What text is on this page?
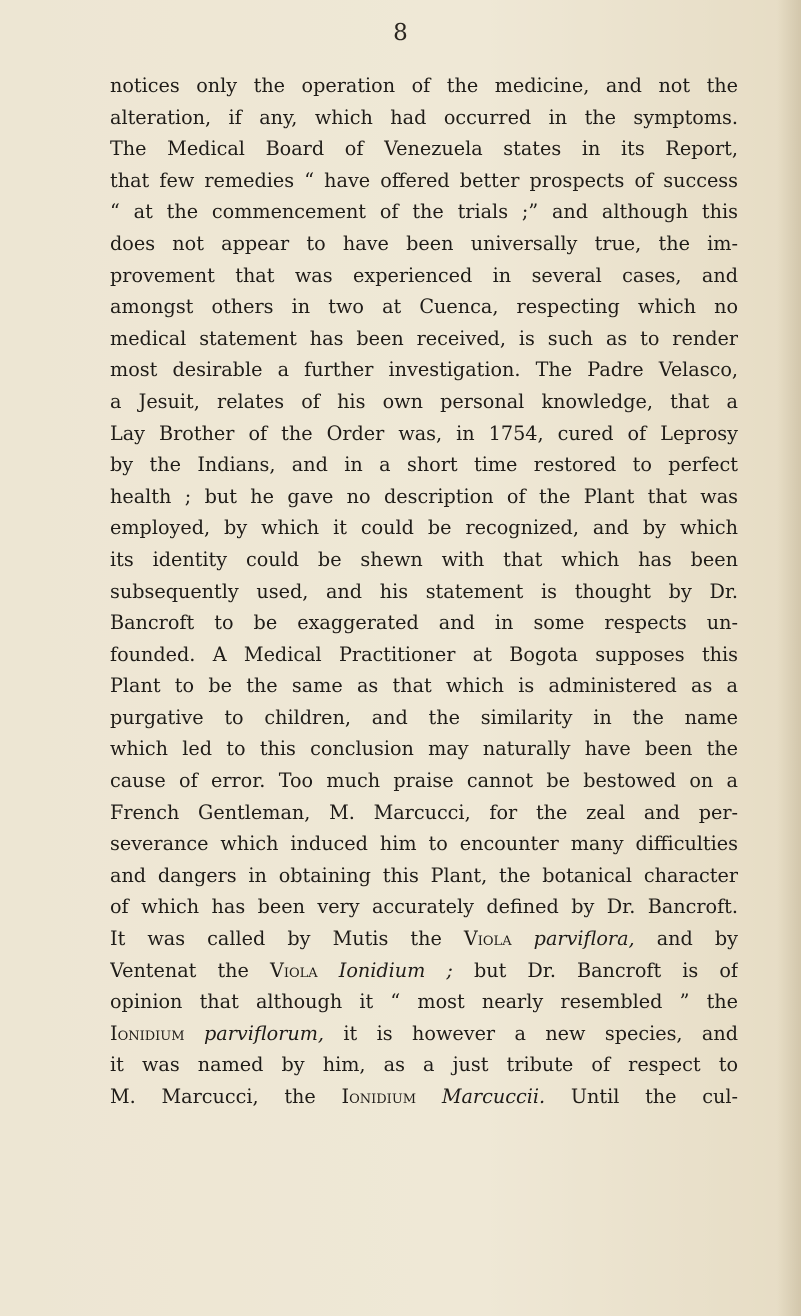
8

notices only the operation of the medicine, and not the
alteration, if any, which had occurred in the symptoms.
The Medical Board of Venezuela states in its Report,
that few remedies “ have offered better prospects of success
“ at the commencement of the trials ;” and although this
does not appear to have been universally true, the im-
provement that was experienced in several cases, and
amongst others in two at Cuenca, respecting which no
medical statement has been received, is such as to render
most desirable a further investigation. The Padre Velasco,
a Jesuit, relates of his own personal knowledge, that a
Lay Brother of the Order was, in 1754, cured of Leprosy
by the Indians, and in a short time restored to perfect
health ; but he gave no description of the Plant that was
employed, by which it could be recognized, and by which
its identity could be shewn with that which has been
subsequently used, and his statement is thought by Dr.
Bancroft to be exaggerated and in some respects un-
founded. A Medical Practitioner at Bogota supposes this
Plant to be the same as that which is administered as a
purgative to children, and the similarity in the name
which led to this conclusion may naturally have been the
cause of error. Too much praise cannot be bestowed on a
French Gentleman, M. Marcucci, for the zeal and per-
severance which induced him to encounter many difficulties
and dangers in obtaining this Plant, the botanical character
of which has been very accurately defined by Dr. Bancroft.
It was called by Mutis the Viola parviflora, and by
Ventenat the Viola Ionidium ; but Dr. Bancroft is of
opinion that although it “ most nearly resembled ” the
Ionidium parviflorum, it is however a new species, and
it was named by him, as a just tribute of respect to
M. Marcucci, the Ionidium Marcuccii. Until the cul-
